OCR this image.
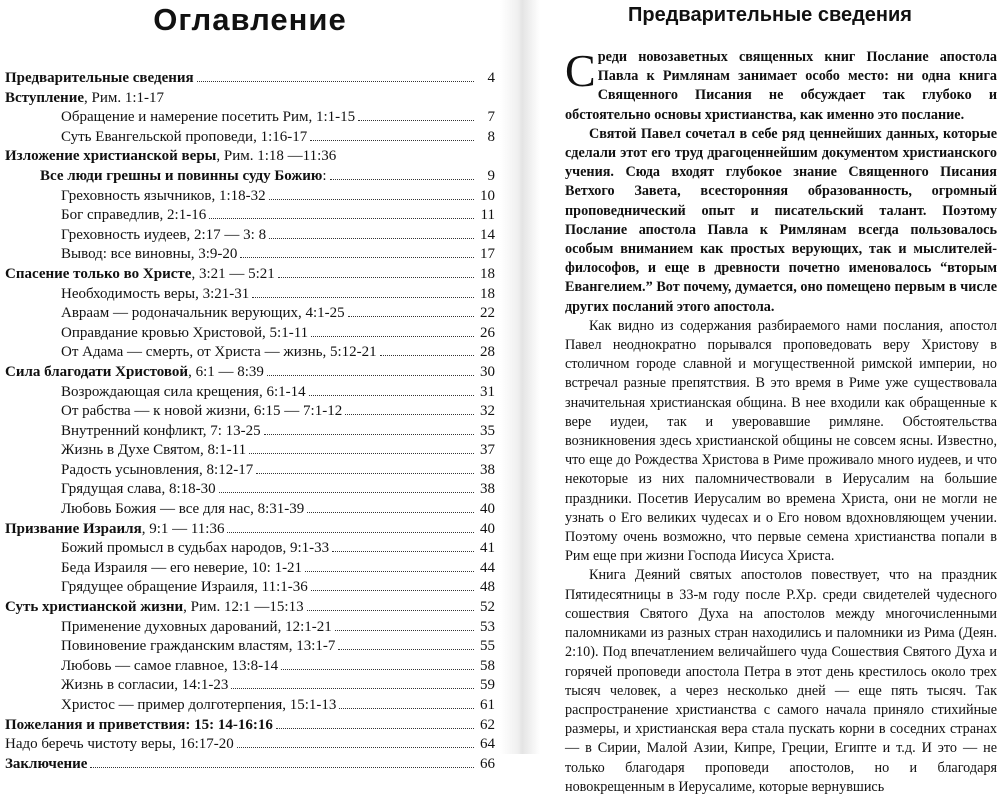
Оглавление
Предварительные сведения	4
Вступление, Рим. 1:1-17
Обращение и намерение посетить Рим, 1:1-15	7
Суть Евангельской проповеди, 1:16-17	8
Изложение христианской веры, Рим. 1:18 —11:36
Все люди грешны и повинны суду Божию:	9
Греховность язычников, 1:18-32	10
Бог справедлив, 2:1-16	11
Греховность иудеев, 2:17 — 3: 8	14
Вывод: все виновны, 3:9-20	17
Спасение только во Христе, 3:21 — 5:21	18
Необходимость веры, 3:21-31	18
Авраам — родоначальник верующих, 4:1-25	22
Оправдание кровью Христовой, 5:1-11	26
От Адама — смерть, от Христа — жизнь, 5:12-21	28
Сила благодати Христовой, 6:1 — 8:39	30
Возрождающая сила крещения, 6:1-14	31
От рабства — к новой жизни, 6:15 — 7:1-12	32
Внутренний конфликт, 7: 13-25	35
Жизнь в Духе Святом, 8:1-11	37
Радость усыновления, 8:12-17	38
Грядущая слава, 8:18-30	38
Любовь Божия — все для нас, 8:31-39	40
Призвание Израиля, 9:1 — 11:36	40
Божий промысл в судьбах народов, 9:1-33	41
Беда Израиля — его неверие, 10: 1-21	44
Грядущее обращение Израиля, 11:1-36	48
Суть христианской жизни, Рим. 12:1 —15:13	52
Применение духовных дарований, 12:1-21	53
Повиновение гражданским властям, 13:1-7	55
Любовь — самое главное, 13:8-14	58
Жизнь в согласии, 14:1-23	59
Христос — пример долготерпения, 15:1-13	61
Пожелания и приветствия: 15: 14-16:16	62
Надо беречь чистоту веры, 16:17-20	64
Заключение	66
Предварительные сведения

Среди новозаветных священных книг Послание апостола Павла к Римлянам занимает особо место: ни одна книга Священного Писания не обсуждает так глубоко и обстоятельно основы христианства, как именно это послание.

Святой Павел сочетал в себе ряд ценнейших данных, которые сделали этот его труд драгоценнейшим документом христианского учения. Сюда входят глубокое знание Священного Писания Ветхого Завета, всесторонняя образованность, огромный проповеднический опыт и писательский талант. Поэтому Послание апостола Павла к Римлянам всегда пользовалось особым вниманием как простых верующих, так и мыслителей-философов, и еще в древности почетно именовалось “вторым Евангелием.” Вот почему, думается, оно помещено первым в числе других посланий этого апостола.

Как видно из содержания разбираемого нами послания, апостол Павел неоднократно порывался проповедовать веру Христову в столичном городе славной и могущественной римской империи, но встречал разные препятствия. В это время в Риме уже существовала значительная христианская община. В нее входили как обращенные к вере иудеи, так и уверовавшие римляне. Обстоятельства возникновения здесь христианской общины не совсем ясны. Известно, что еще до Рождества Христова в Риме проживало много иудеев, и что некоторые из них паломничествовали в Иерусалим на большие праздники. Посетив Иерусалим во времена Христа, они не могли не узнать о Его великих чудесах и о Его новом вдохновляющем учении. Поэтому очень возможно, что первые семена христианства попали в Рим еще при жизни Господа Иисуса Христа.

Книга Деяний святых апостолов повествует, что на праздник Пятидесятницы в 33-м году после Р.Хр. среди свидетелей чудесного сошествия Святого Духа на апостолов между многочисленными паломниками из разных стран находились и паломники из Рима (Деян. 2:10). Под впечатлением величайшего чуда Сошествия Святого Духа и горячей проповеди апостола Петра в этот день крестилось около трех тысяч человек, а через несколько дней — еще пять тысяч. Так распространение христианства с самого начала приняло стихийные размеры, и христианская вера стала пускать корни в соседних странах — в Сирии, Малой Азии, Кипре, Греции, Египте и т.д. И это — не только благодаря проповеди апостолов, но и благодаря новокрещенным в Иерусалиме, которые вернувшись
